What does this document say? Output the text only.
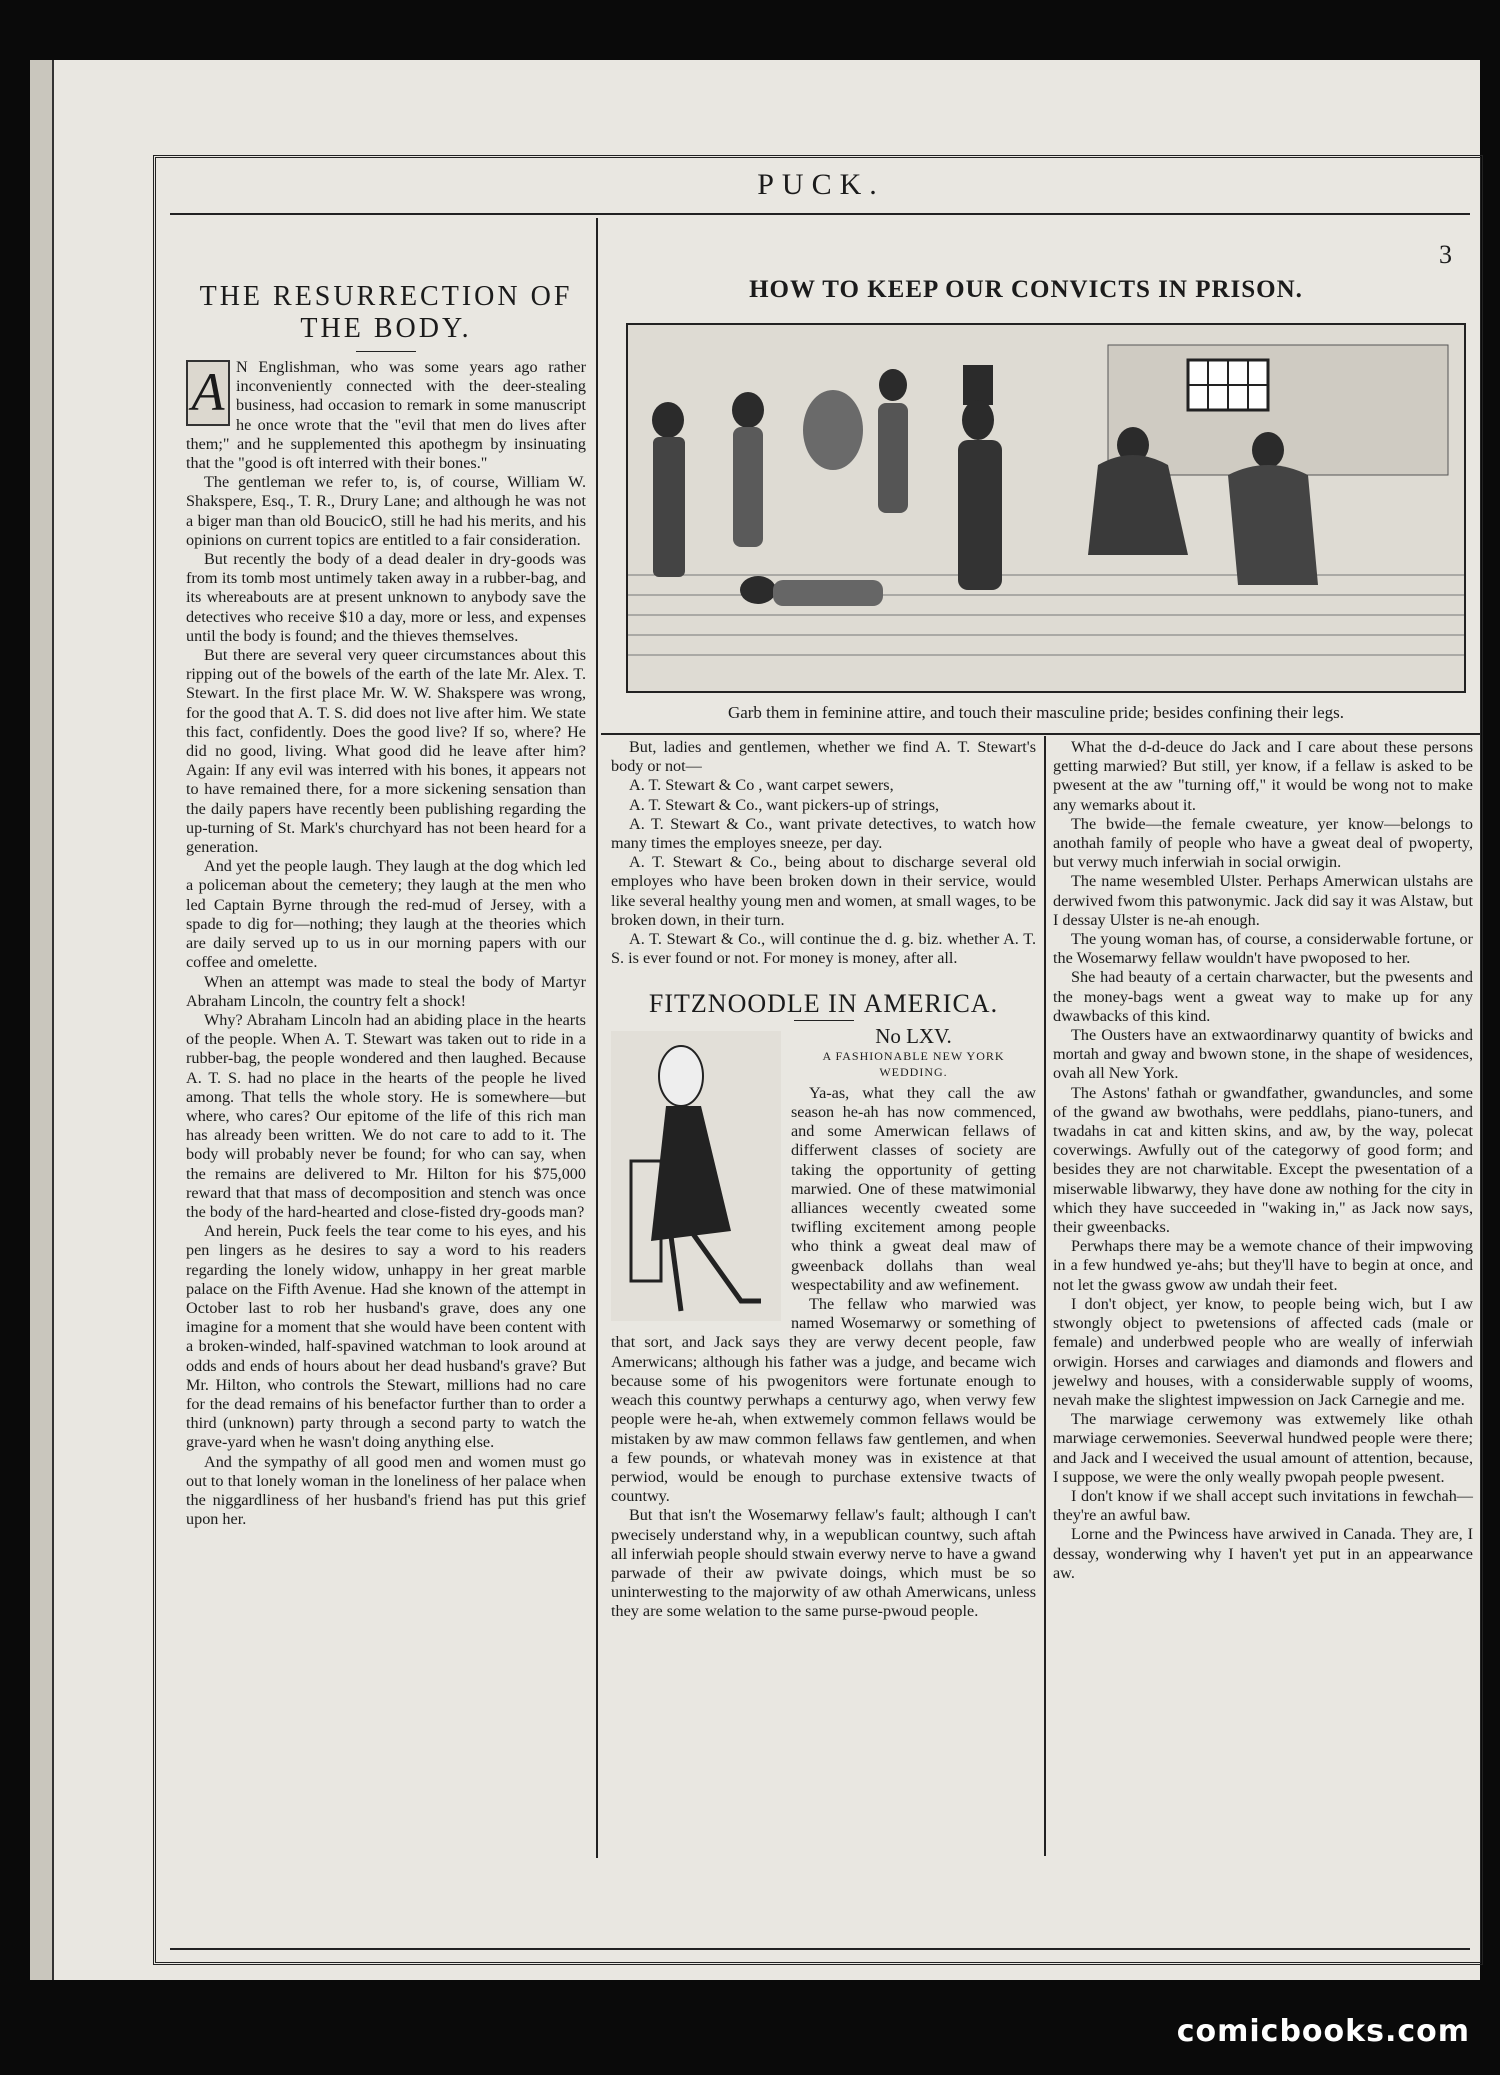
PUCK.
3
THE RESURRECTION OF THE BODY.
A N Englishman, who was some years ago rather inconveniently connected with the deer-stealing business, had occasion to remark in some manuscript he once wrote that the "evil that men do lives after them;" and he supplemented this apothegm by insinuating that the "good is oft interred with their bones."

The gentleman we refer to, is, of course, William W. Shakspere, Esq., T. R., Drury Lane; and although he was not a biger man than old BoucicO, still he had his merits, and his opinions on current topics are entitled to a fair consideration.

But recently the body of a dead dealer in dry-goods was from its tomb most untimely taken away in a rubber-bag, and its whereabouts are at present unknown to anybody save the detectives who receive $10 a day, more or less, and expenses until the body is found; and the thieves themselves.

But there are several very queer circumstances about this ripping out of the bowels of the earth of the late Mr. Alex. T. Stewart. In the first place Mr. W. W. Shakspere was wrong, for the good that A. T. S. did does not live after him. We state this fact, confidently. Does the good live? If so, where? He did no good, living. What good did he leave after him? Again: If any evil was interred with his bones, it appears not to have remained there, for a more sickening sensation than the daily papers have recently been publishing regarding the up-turning of St. Mark's churchyard has not been heard for a generation.

And yet the people laugh. They laugh at the dog which led a policeman about the cemetery; they laugh at the men who led Captain Byrne through the red-mud of Jersey, with a spade to dig for—nothing; they laugh at the theories which are daily served up to us in our morning papers with our coffee and omelette.

When an attempt was made to steal the body of Martyr Abraham Lincoln, the country felt a shock!

Why? Abraham Lincoln had an abiding place in the hearts of the people. When A. T. Stewart was taken out to ride in a rubber-bag, the people wondered and then laughed. Because A. T. S. had no place in the hearts of the people he lived among. That tells the whole story. He is somewhere—but where, who cares? Our epitome of the life of this rich man has already been written. We do not care to add to it. The body will probably never be found; for who can say, when the remains are delivered to Mr. Hilton for his $75,000 reward that that mass of decomposition and stench was once the body of the hard-hearted and close-fisted dry-goods man?

And herein, Puck feels the tear come to his eyes, and his pen lingers as he desires to say a word to his readers regarding the lonely widow, unhappy in her great marble palace on the Fifth Avenue. Had she known of the attempt in October last to rob her husband's grave, does any one imagine for a moment that she would have been content with a broken-winded, half-spavined watchman to look around at odds and ends of hours about her dead husband's grave? But Mr. Hilton, who controls the Stewart, millions had no care for the dead remains of his benefactor further than to order a third (unknown) party through a second party to watch the grave-yard when he wasn't doing anything else.

And the sympathy of all good men and women must go out to that lonely woman in the loneliness of her palace when the niggardliness of her husband's friend has put this grief upon her.

HOW TO KEEP OUR CONVICTS IN PRISON.
Garb them in feminine attire, and touch their masculine pride; besides confining their legs.

But, ladies and gentlemen, whether we find A. T. Stewart's body or not—

A. T. Stewart & Co , want carpet sewers,

A. T. Stewart & Co., want pickers-up of strings,

A. T. Stewart & Co., want private detectives, to watch how many times the employes sneeze, per day.

A. T. Stewart & Co., being about to discharge several old employes who have been broken down in their service, would like several healthy young men and women, at small wages, to be broken down, in their turn.

A. T. Stewart & Co., will continue the d. g. biz. whether A. T. S. is ever found or not. For money is money, after all.

FITZNOODLE IN AMERICA.
No LXV.
A FASHIONABLE NEW YORK WEDDING.

Ya-as, what they call the aw season he-ah has now commenced, and some Amerwican fellaws of differwent classes of society are taking the opportunity of getting marwied. One of these matwimonial alliances wecently cweated some twifling excitement among people who think a gweat deal maw of gweenback dollahs than weal wespectability and aw wefinement.

The fellaw who marwied was named Wosemarwy or something of that sort, and Jack says they are verwy decent people, faw Amerwicans; although his father was a judge, and became wich because some of his pwogenitors were fortunate enough to weach this countwy perwhaps a centurwy ago, when verwy few people were he-ah, when extwemely common fellaws would be mistaken by aw maw common fellaws faw gentlemen, and when a few pounds, or whatevah money was in existence at that perwiod, would be enough to purchase extensive twacts of countwy.

But that isn't the Wosemarwy fellaw's fault; although I can't pwecisely understand why, in a wepublican countwy, such aftah all inferwiah people should stwain everwy nerve to have a gwand parwade of their aw pwivate doings, which must be so uninterwesting to the majorwity of aw othah Amerwicans, unless they are some welation to the same purse-pwoud people.

What the d-d-deuce do Jack and I care about these persons getting marwied? But still, yer know, if a fellaw is asked to be pwesent at the aw "turning off," it would be wong not to make any wemarks about it.

The bwide—the female cweature, yer know—belongs to anothah family of people who have a gweat deal of pwoperty, but verwy much inferwiah in social orwigin.

The name wesembled Ulster. Perhaps Amerwican ulstahs are derwived fwom this patwonymic. Jack did say it was Alstaw, but I dessay Ulster is ne-ah enough.

The young woman has, of course, a considerwable fortune, or the Wosemarwy fellaw wouldn't have pwoposed to her.

She had beauty of a certain charwacter, but the pwesents and the money-bags went a gweat way to make up for any dwawbacks of this kind.

The Ousters have an extwaordinarwy quantity of bwicks and mortah and gway and bwown stone, in the shape of wesidences, ovah all New York.

The Astons' fathah or gwandfather, gwanduncles, and some of the gwand aw bwothahs, were peddlahs, piano-tuners, and twadahs in cat and kitten skins, and aw, by the way, polecat coverwings. Awfully out of the categorwy of good form; and besides they are not charwitable. Except the pwesentation of a miserwable libwarwy, they have done aw nothing for the city in which they have succeeded in "waking in," as Jack now says, their gweenbacks.

Perwhaps there may be a wemote chance of their impwoving in a few hundwed ye-ahs; but they'll have to begin at once, and not let the gwass gwow aw undah their feet.

I don't object, yer know, to people being wich, but I aw stwongly object to pwetensions of affected cads (male or female) and underbwed people who are weally of inferwiah orwigin. Horses and carwiages and diamonds and flowers and jewelwy and houses, with a considerwable supply of wooms, nevah make the slightest impwession on Jack Carnegie and me.

The marwiage cerwemony was extwemely like othah marwiage cerwemonies. Seeverwal hundwed people were there; and Jack and I weceived the usual amount of attention, because, I suppose, we were the only weally pwopah people pwesent.

I don't know if we shall accept such invitations in fewchah—they're an awful baw.

Lorne and the Pwincess have arwived in Canada. They are, I dessay, wonderwing why I haven't yet put in an appearwance aw.

comicbooks.com
